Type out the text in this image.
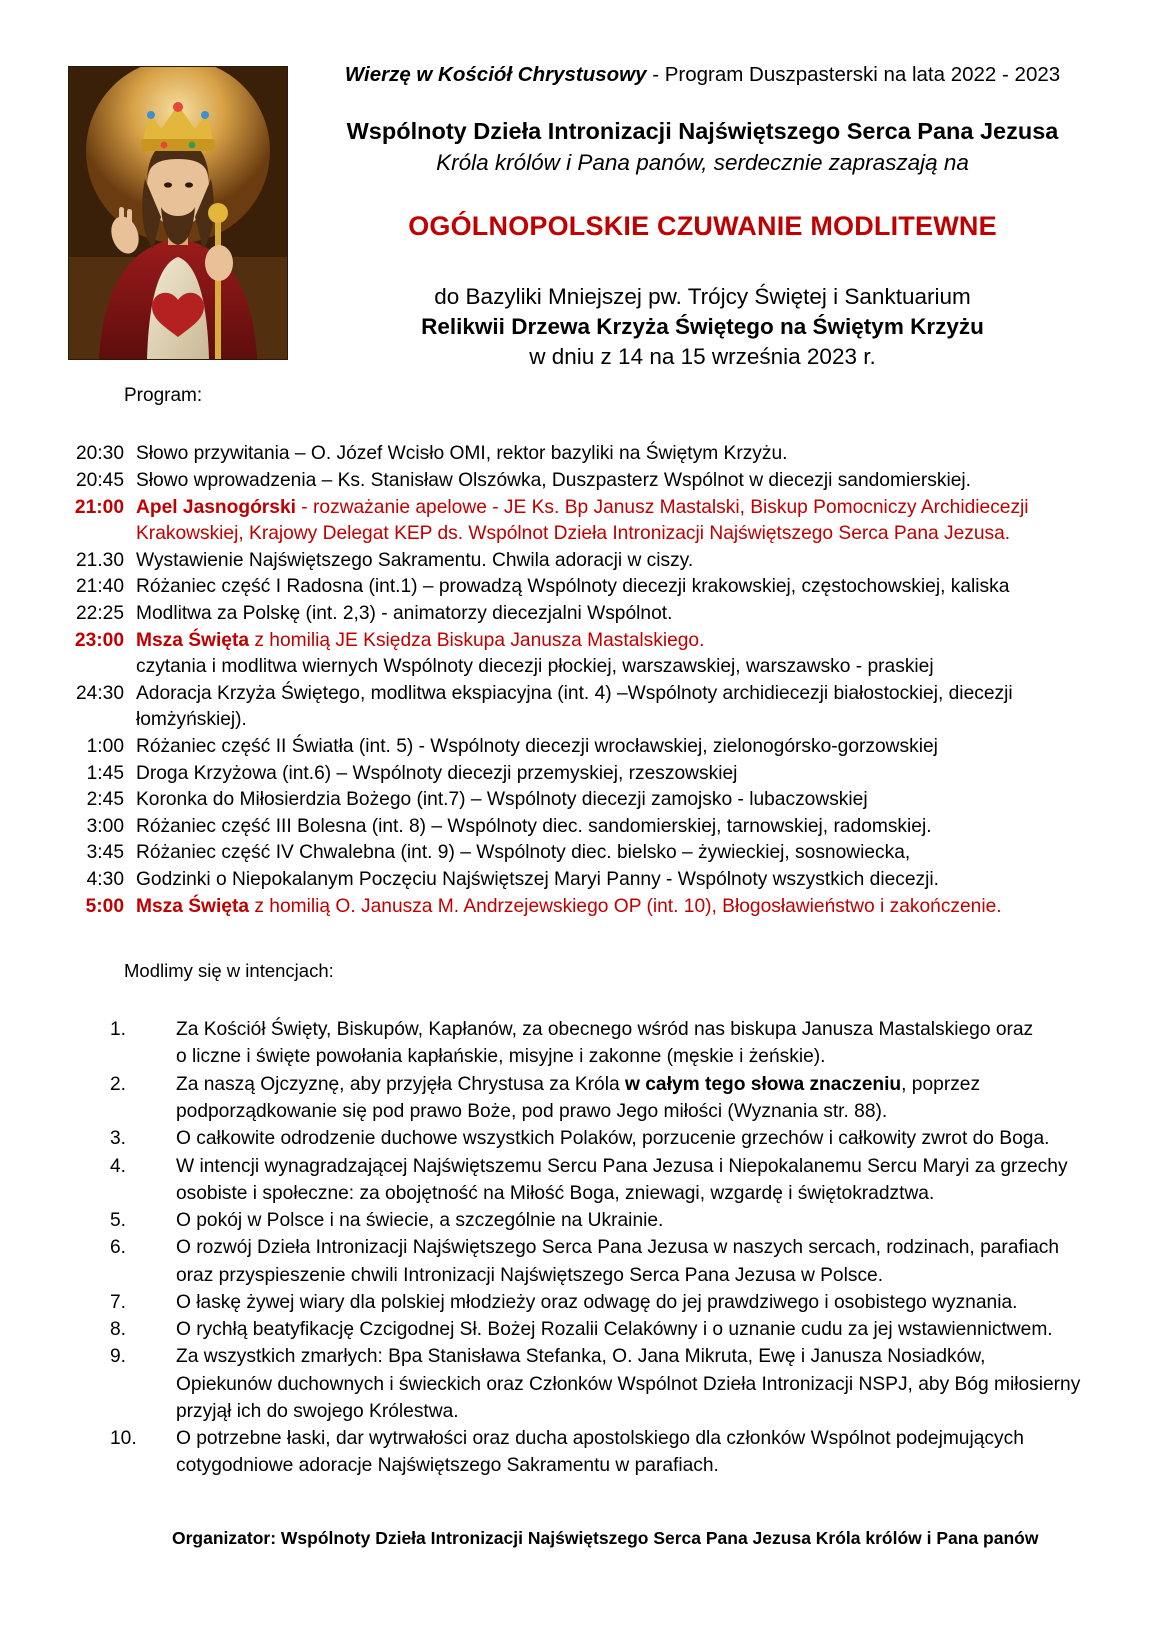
Wierzę w Kościół Chrystusowy - Program Duszpasterski na lata 2022 - 2023
Wspólnoty Dzieła Intronizacji Najświętszego Serca Pana Jezusa
Króla królów i Pana panów, serdecznie zapraszają na
OGÓLNOPOLSKIE CZUWANIE MODLITEWNE
do Bazyliki Mniejszej pw. Trójcy Świętej i Sanktuarium
Relikwii Drzewa Krzyża Świętego na Świętym Krzyżu
w dniu z 14 na 15 września 2023 r.
Program:
20:30 Słowo przywitania – O. Józef Wcisło OMI, rektor bazyliki na Świętym Krzyżu.
20:45 Słowo wprowadzenia – Ks. Stanisław Olszówka, Duszpasterz Wspólnot w diecezji sandomierskiej.
21:00 Apel Jasnogórski - rozważanie apelowe - JE Ks. Bp Janusz Mastalski, Biskup Pomocniczy Archidiecezji
Krakowskiej, Krajowy Delegat KEP ds. Wspólnot Dzieła Intronizacji Najświętszego Serca Pana Jezusa.
21.30 Wystawienie Najświętszego Sakramentu. Chwila adoracji w ciszy.
21:40 Różaniec część I Radosna (int.1) – prowadzą Wspólnoty diecezji krakowskiej, częstochowskiej, kaliska
22:25 Modlitwa za Polskę (int. 2,3) - animatorzy diecezjalni Wspólnot.
23:00 Msza Święta z homilią JE Księdza Biskupa Janusza Mastalskiego.
czytania i modlitwa wiernych Wspólnoty diecezji płockiej, warszawskiej, warszawsko - praskiej
24:30 Adoracja Krzyża Świętego, modlitwa ekspiacyjna (int. 4) –Wspólnoty archidiecezji białostockiej, diecezji
łomżyńskiej).
1:00 Różaniec część II Światła (int. 5) - Wspólnoty diecezji wrocławskiej, zielonogórsko-gorzowskiej
1:45 Droga Krzyżowa (int.6) – Wspólnoty diecezji przemyskiej, rzeszowskiej
2:45 Koronka do Miłosierdzia Bożego (int.7) – Wspólnoty diecezji zamojsko - lubaczowskiej
3:00 Różaniec część III Bolesna (int. 8) – Wspólnoty diec. sandomierskiej, tarnowskiej, radomskiej.
3:45 Różaniec część IV Chwalebna (int. 9) – Wspólnoty diec. bielsko – żywieckiej, sosnowiecka,
4:30 Godzinki o Niepokalanym Poczęciu Najświętszej Maryi Panny - Wspólnoty wszystkich diecezji.
5:00 Msza Święta z homilią O. Janusza M. Andrzejewskiego OP (int. 10), Błogosławieństwo i zakończenie.
Modlimy się w intencjach:
1.	Za Kościół Święty, Biskupów, Kapłanów, za obecnego wśród nas biskupa Janusza Mastalskiego oraz
o liczne i święte powołania kapłańskie, misyjne i zakonne (męskie i żeńskie).
2.	Za naszą Ojczyznę, aby przyjęła Chrystusa za Króla w całym tego słowa znaczeniu, poprzez
podporządkowanie się pod prawo Boże, pod prawo Jego miłości (Wyznania str. 88).
3.	O całkowite odrodzenie duchowe wszystkich Polaków, porzucenie grzechów i całkowity zwrot do Boga.
4.	W intencji wynagradzającej Najświętszemu Sercu Pana Jezusa i Niepokalanemu Sercu Maryi za grzechy
osobiste i społeczne: za obojętność na Miłość Boga, zniewagi, wzgardę i świętokradztwa.
5.	O pokój w Polsce i na świecie, a szczególnie na Ukrainie.
6.	O rozwój Dzieła Intronizacji Najświętszego Serca Pana Jezusa w naszych sercach, rodzinach, parafiach
oraz przyspieszenie chwili Intronizacji Najświętszego Serca Pana Jezusa w Polsce.
7.	O łaskę żywej wiary dla polskiej młodzieży oraz odwagę do jej prawdziwego i osobistego wyznania.
8.	O rychłą beatyfikację Czcigodnej Sł. Bożej Rozalii Celakówny i o uznanie cudu za jej wstawiennictwem.
9.	Za wszystkich zmarłych: Bpa Stanisława Stefanka, O. Jana Mikruta, Ewę i Janusza Nosiadków,
Opiekunów duchownych i świeckich oraz Członków Wspólnot Dzieła Intronizacji NSPJ, aby Bóg miłosierny
przyjął ich do swojego Królestwa.
10.	O potrzebne łaski, dar wytrwałości oraz ducha apostolskiego dla członków Wspólnot podejmujących
cotygodniowe adoracje Najświętszego Sakramentu w parafiach.
Organizator: Wspólnoty Dzieła Intronizacji Najświętszego Serca Pana Jezusa Króla królów i Pana panów
